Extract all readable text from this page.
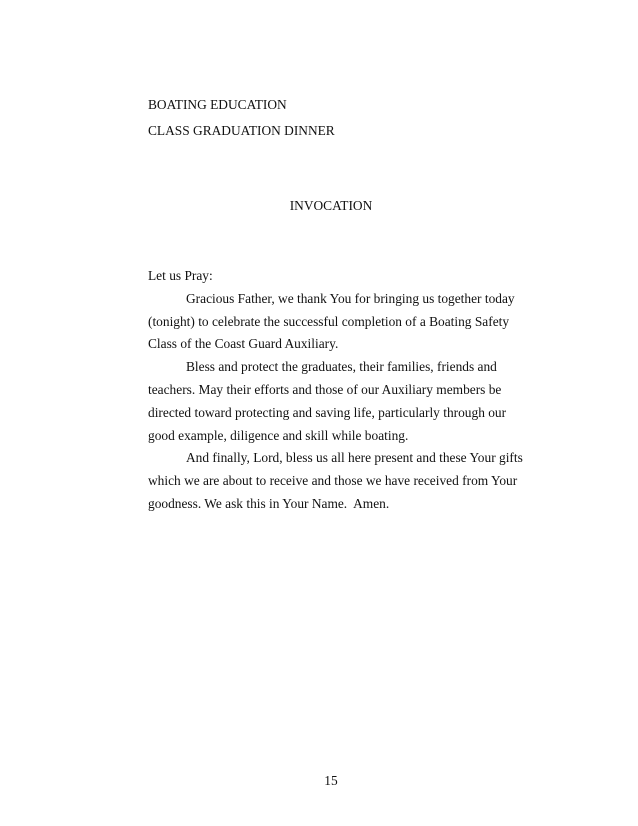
BOATING EDUCATION
CLASS GRADUATION DINNER
INVOCATION
Let us Pray:
Gracious Father, we thank You for bringing us together today
(tonight) to celebrate the successful completion of a Boating Safety
Class of the Coast Guard Auxiliary.
Bless and protect the graduates, their families, friends and
teachers. May their efforts and those of our Auxiliary members be
directed toward protecting and saving life, particularly through our
good example, diligence and skill while boating.
And finally, Lord, bless us all here present and these Your gifts
which we are about to receive and those we have received from Your
goodness. We ask this in Your Name.  Amen.
15
